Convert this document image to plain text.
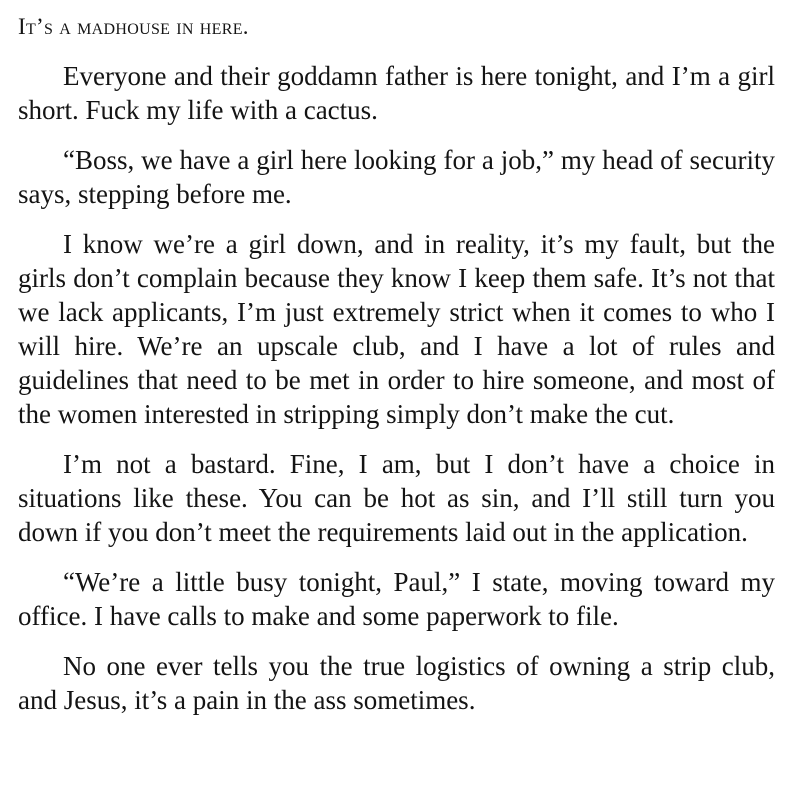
It’s a madhouse in here.

Everyone and their goddamn father is here tonight, and I’m a girl short. Fuck my life with a cactus.

“Boss, we have a girl here looking for a job,” my head of security says, stepping before me.

I know we’re a girl down, and in reality, it’s my fault, but the girls don’t complain because they know I keep them safe. It’s not that we lack applicants, I’m just extremely strict when it comes to who I will hire. We’re an upscale club, and I have a lot of rules and guidelines that need to be met in order to hire someone, and most of the women interested in stripping simply don’t make the cut.

I’m not a bastard. Fine, I am, but I don’t have a choice in situations like these. You can be hot as sin, and I’ll still turn you down if you don’t meet the requirements laid out in the application.

“We’re a little busy tonight, Paul,” I state, moving toward my office. I have calls to make and some paperwork to file.

No one ever tells you the true logistics of owning a strip club, and Jesus, it’s a pain in the ass sometimes.
